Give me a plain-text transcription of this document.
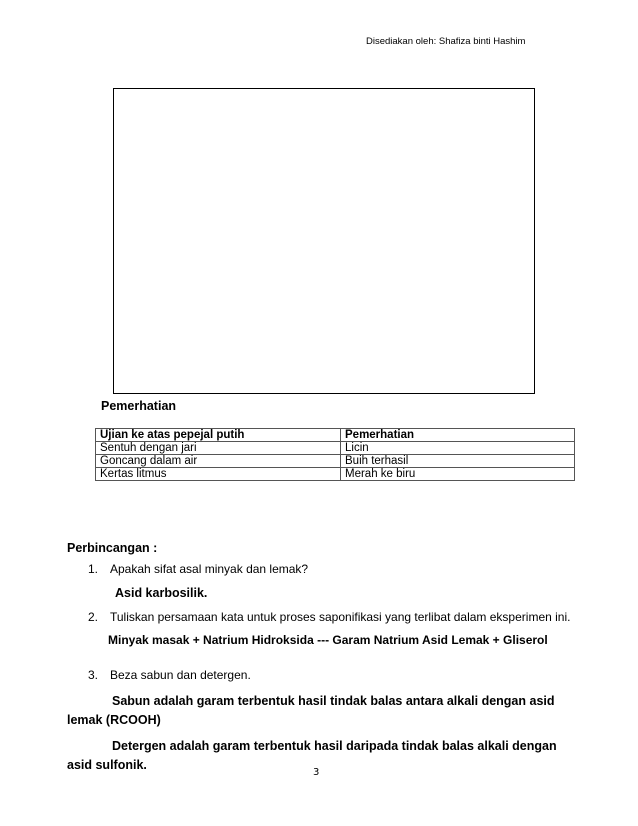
Disediakan oleh: Shafiza binti Hashim
Pemerhatian
Ujian ke atas pepejal putih	Pemerhatian
Sentuh dengan jari	Licin
Goncang dalam air	Buih terhasil
Kertas litmus	Merah ke biru
Perbincangan :
1. Apakah sifat asal minyak dan lemak?
Asid karbosilik.
2. Tuliskan persamaan kata untuk proses saponifikasi yang terlibat dalam eksperimen ini.
Minyak masak + Natrium Hidroksida --- Garam Natrium Asid Lemak + Gliserol
3. Beza sabun dan detergen.
Sabun adalah garam terbentuk hasil tindak balas antara alkali dengan asid lemak (RCOOH)
Detergen adalah garam terbentuk hasil daripada tindak balas alkali dengan asid sulfonik.
3
